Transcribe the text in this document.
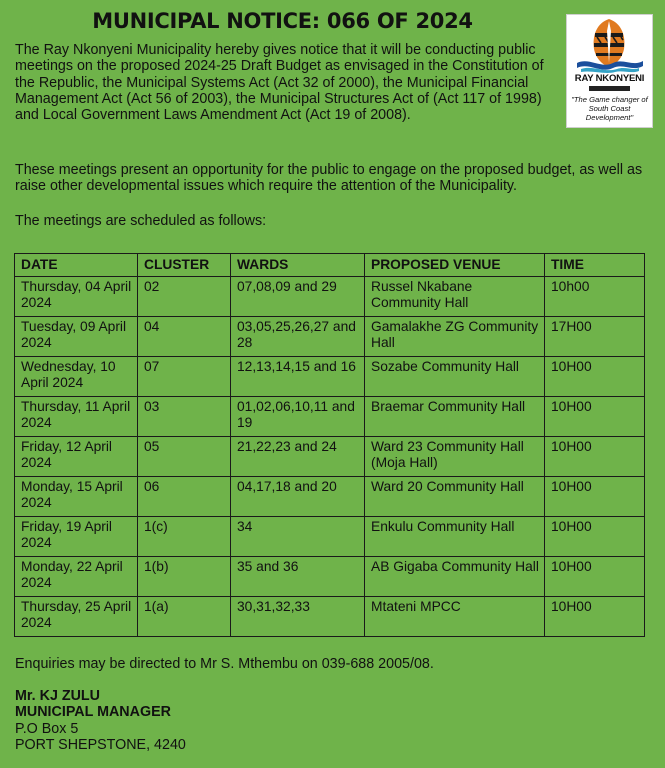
MUNICIPAL NOTICE: 066 OF 2024
The Ray Nkonyeni Municipality hereby gives notice that it will be conducting public meetings on the proposed 2024-25 Draft Budget as envisaged in the Constitution of the Republic, the Municipal Systems Act (Act 32 of 2000), the Municipal Financial Management Act (Act 56 of 2003), the Municipal Structures Act of (Act 117 of 1998) and Local Government Laws Amendment Act (Act 19 of 2008).
RAY NKONYENI
"The Game changer of South Coast Development"
These meetings present an opportunity for the public to engage on the proposed budget, as well as raise other developmental issues which require the attention of the Municipality.
The meetings are scheduled as follows:
DATE	CLUSTER	WARDS	PROPOSED VENUE	TIME
Thursday, 04 April 2024	02	07,08,09 and 29	Russel Nkabane Community Hall	10h00
Tuesday, 09 April 2024	04	03,05,25,26,27 and 28	Gamalakhe ZG Community Hall	17H00
Wednesday, 10 April 2024	07	12,13,14,15 and 16	Sozabe Community Hall	10H00
Thursday, 11 April 2024	03	01,02,06,10,11 and 19	Braemar Community Hall	10H00
Friday, 12 April 2024	05	21,22,23 and 24	Ward 23 Community Hall (Moja Hall)	10H00
Monday, 15 April 2024	06	04,17,18 and 20	Ward 20 Community Hall	10H00
Friday, 19 April 2024	1(c)	34	Enkulu Community Hall	10H00
Monday, 22 April 2024	1(b)	35 and 36	AB Gigaba Community Hall	10H00
Thursday, 25 April 2024	1(a)	30,31,32,33	Mtateni MPCC	10H00
Enquiries may be directed to Mr S. Mthembu on 039-688 2005/08.
Mr. KJ ZULU
MUNICIPAL MANAGER
P.O Box 5
PORT SHEPSTONE, 4240
